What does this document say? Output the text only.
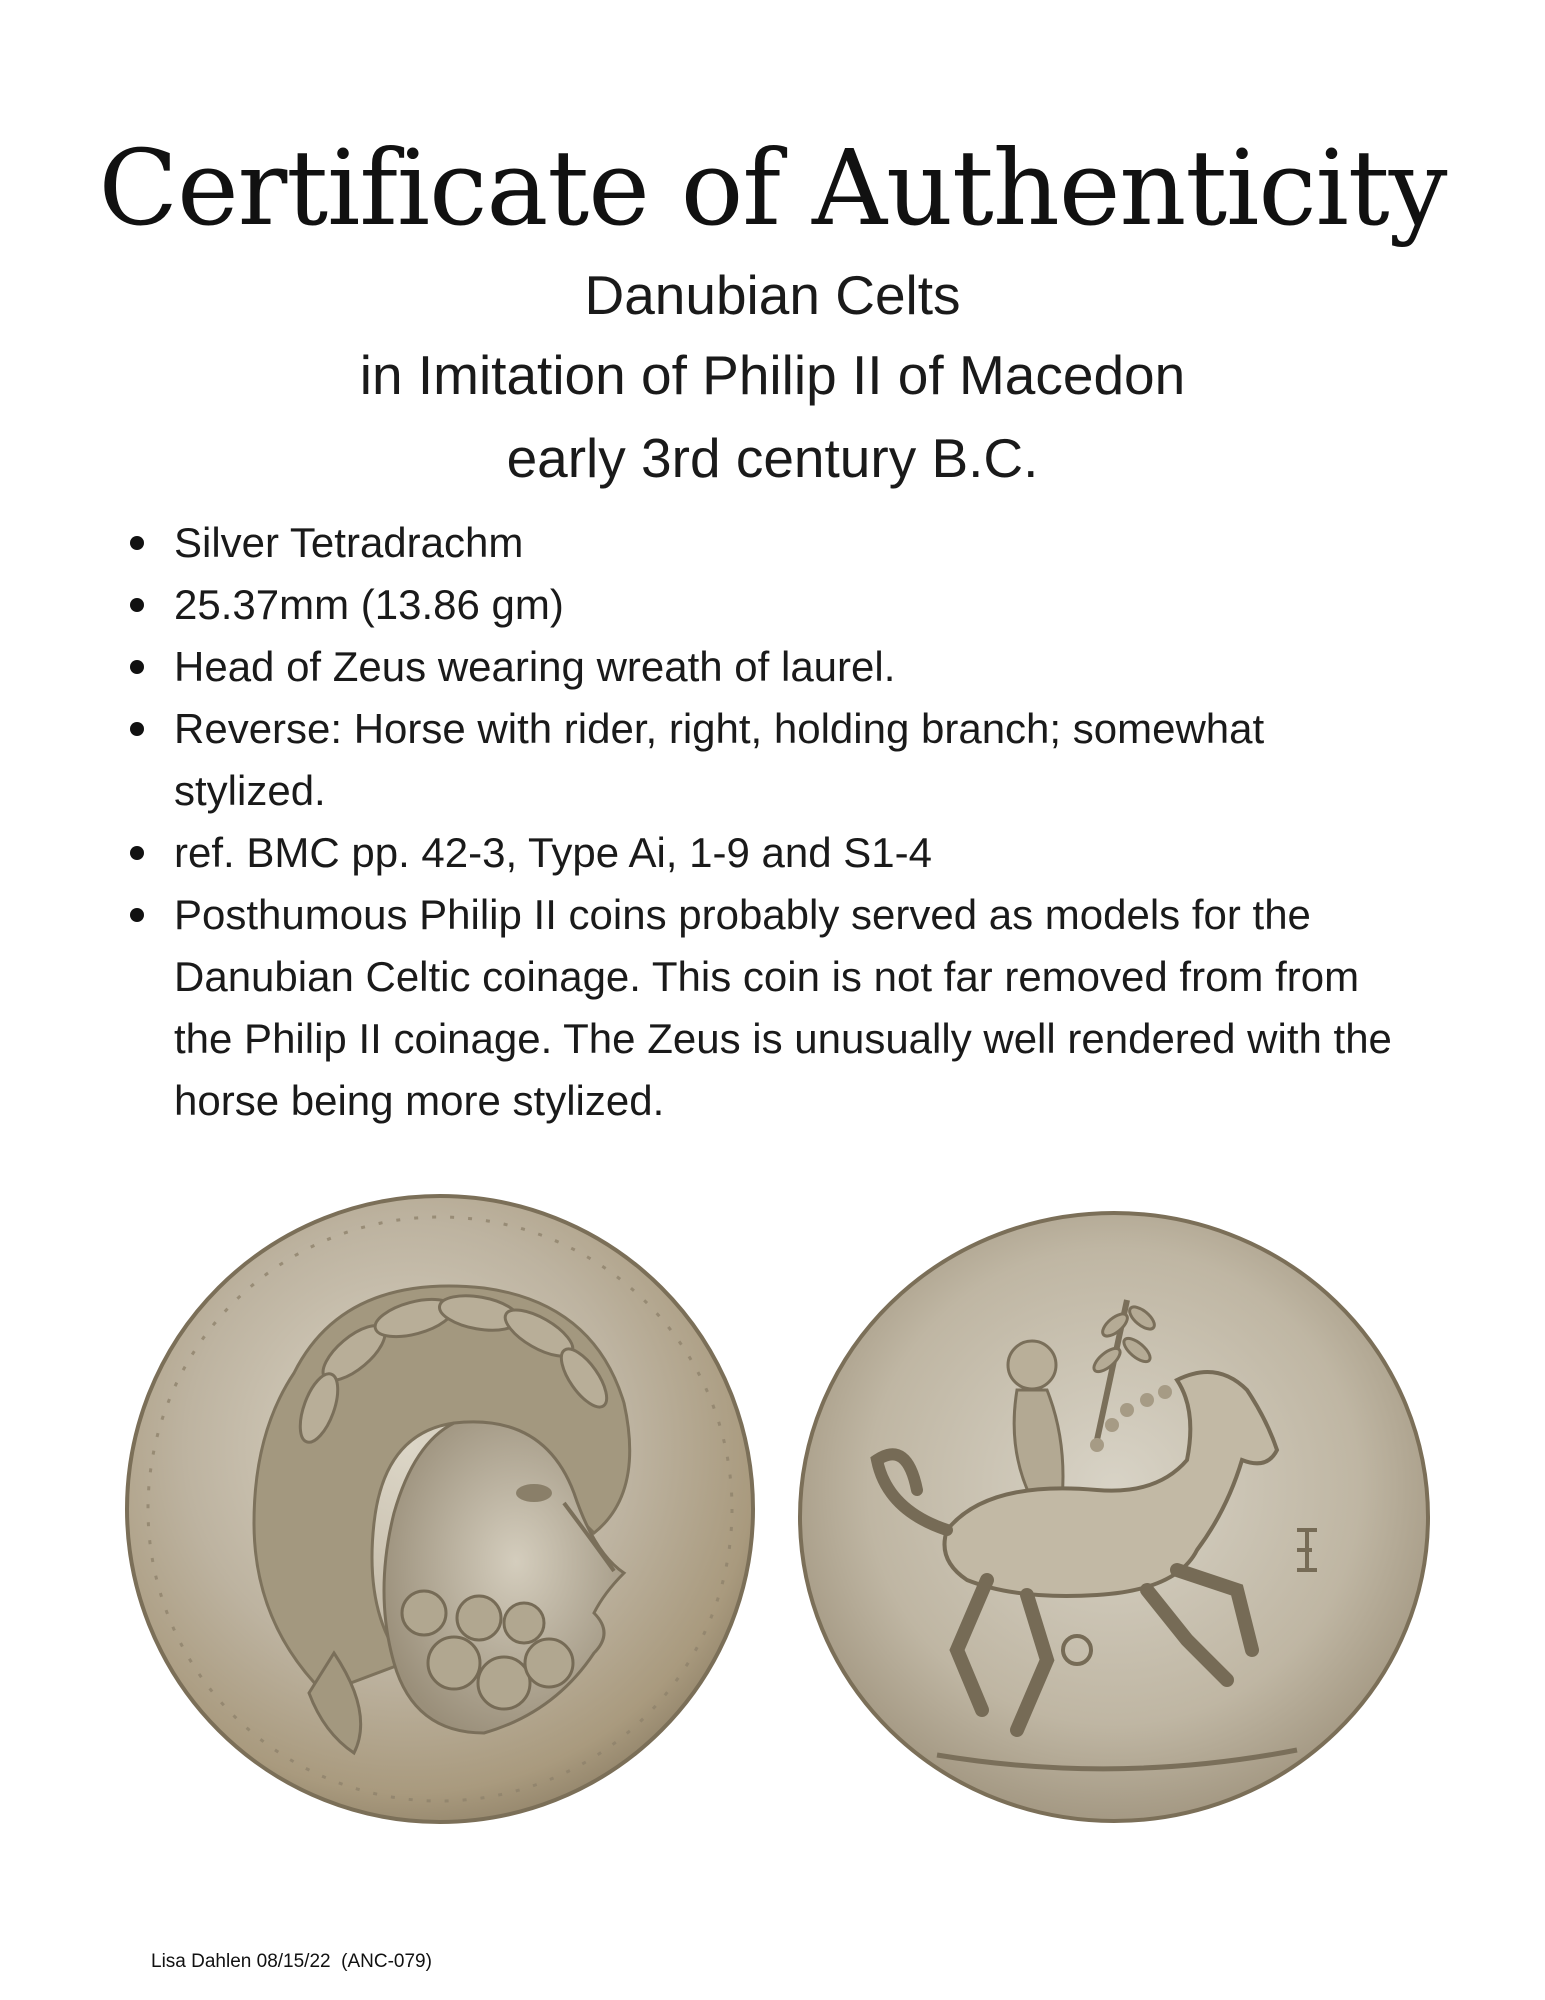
Certificate of Authenticity

Danubian Celts

in Imitation of Philip II of Macedon

early 3rd century B.C.

Silver Tetradrachm
25.37mm (13.86 gm)
Head of Zeus wearing wreath of laurel.
Reverse: Horse with rider, right, holding branch; somewhat stylized.
ref. BMC pp. 42-3, Type Ai, 1-9 and S1-4
Posthumous Philip II coins probably served as models for the Danubian Celtic coinage. This coin is not far removed from from the Philip II coinage. The Zeus is unusually well rendered with the horse being more stylized.
Lisa Dahlen 08/15/22  (ANC-079)
